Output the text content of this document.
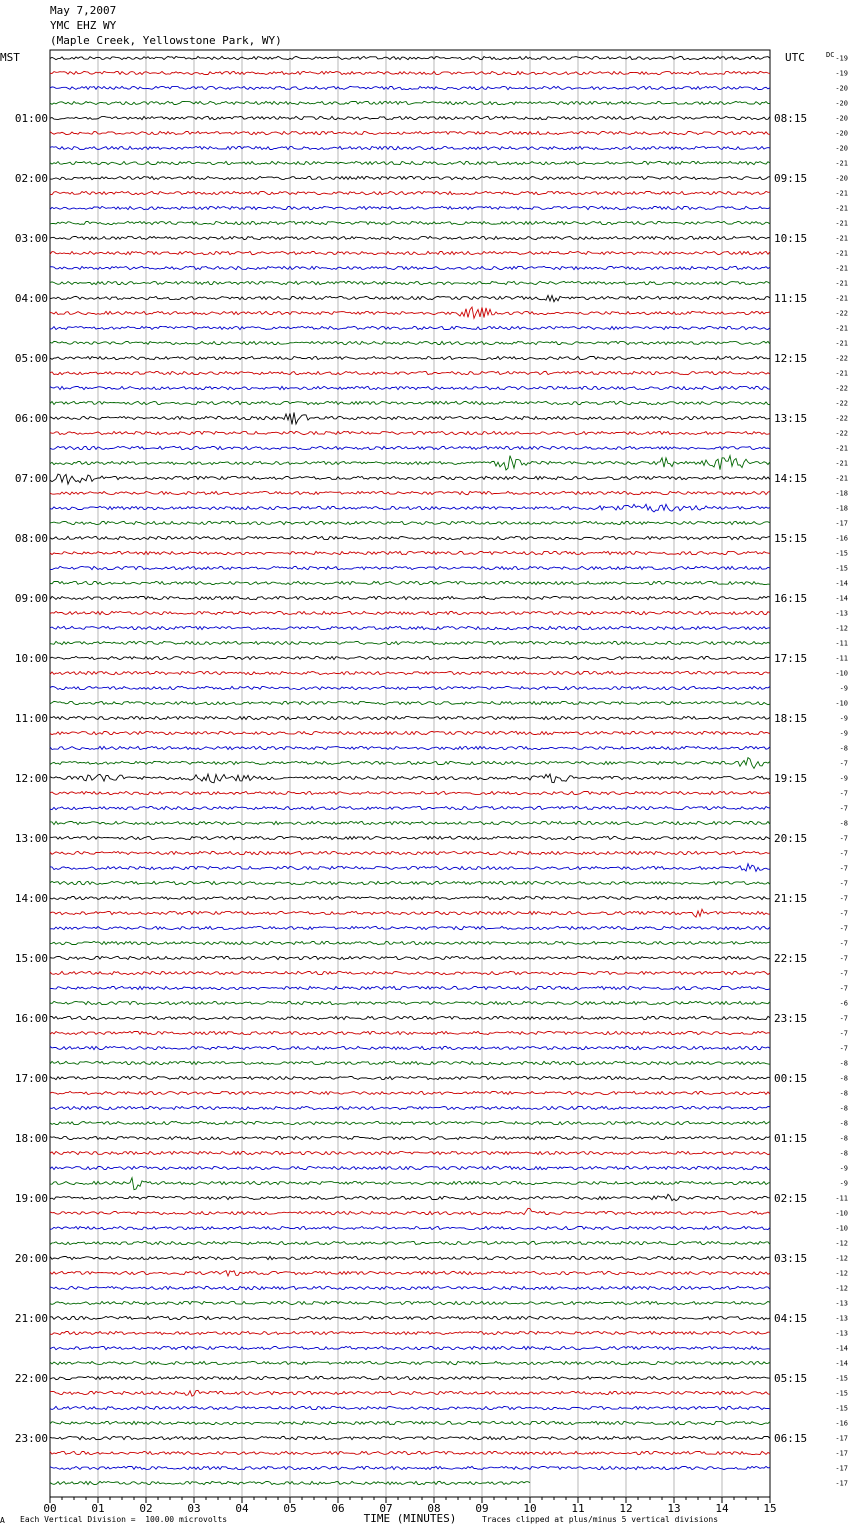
May 7,2007
YMC EHZ WY
(Maple Creek, Yellowstone Park, WY)
MST	UTC	DC
TIME (MINUTES)
00	01	02	03	04	05	06	07	08	09	10	11	12	13	14	15
-19
-19
-20
-20
-20
01:00	08:15
-20
-20
-21
-20
02:00	09:15
-21
-21
-21
-21
03:00	10:15
-21
-21
-21
-21
04:00	11:15
-22
-21
-21
-22
05:00	12:15
-21
-22
-22
-22
06:00	13:15
-22
-21
-21
-21
07:00	14:15
-18
-18
-17
-16
08:00	15:15
-15
-15
-14
-14
09:00	16:15
-13
-12
-11
-11
10:00	17:15
-10
-9
-10
-9
11:00	18:15
-9
-8
-7
-9
12:00	19:15
-7
-7
-8
-7
13:00	20:15
-7
-7
-7
-7
14:00	21:15
-7
-7
-7
-7
15:00	22:15
-7
-7
-6
-7
16:00	23:15
-7
-7
-8
-8
17:00	00:15
-8
-8
-8
-8
18:00	01:15
-8
-9
-9
-11
19:00	02:15
-10
-10
-12
-12
20:00	03:15
-12
-12
-13
-13
21:00	04:15
-13
-14
-14
-15
22:00	05:15
-15
-15
-16
-17
23:00	06:15
-17
-17
-17
A Each Vertical Division =  100.00 microvolts	Traces clipped at plus/minus 5 vertical divisions
